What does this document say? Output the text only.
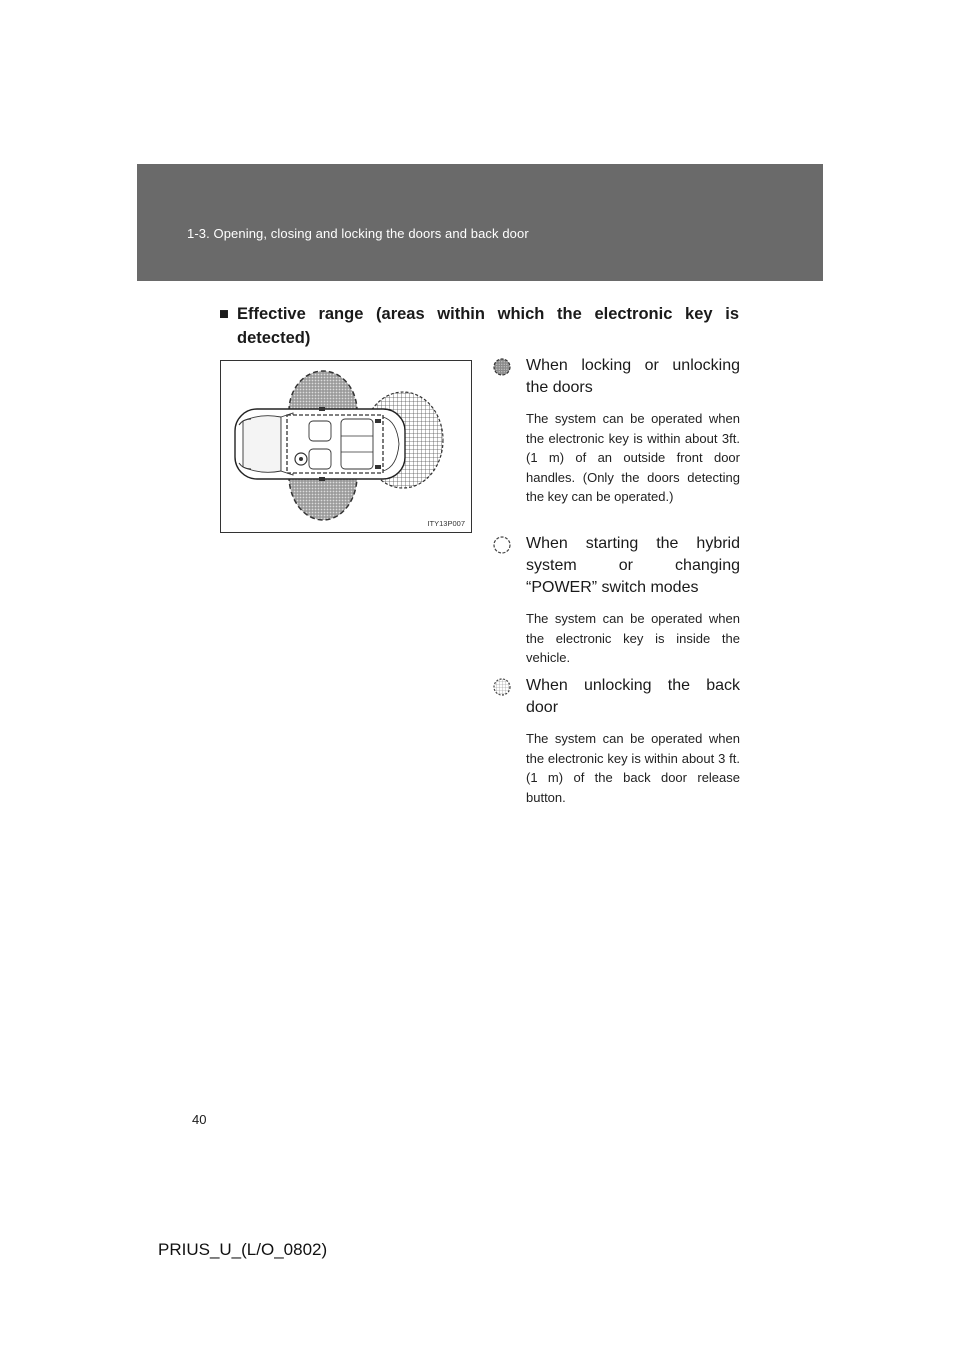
1-3. Opening, closing and locking the doors and back door
■ Effective range (areas within which the electronic key is detected)
ITY13P007
When locking or unlocking
the doors
The system can be operated when the electronic key is within about 3ft. (1 m) of an outside front door handles. (Only the doors detecting the key can be operated.)
When starting the hybrid system or changing
“POWER” switch modes
The system can be operated when the electronic key is inside the vehicle.
When unlocking the back
door
The system can be operated when the electronic key is within about 3 ft. (1 m) of the back door release button.
40
PRIUS_U_(L/O_0802)
